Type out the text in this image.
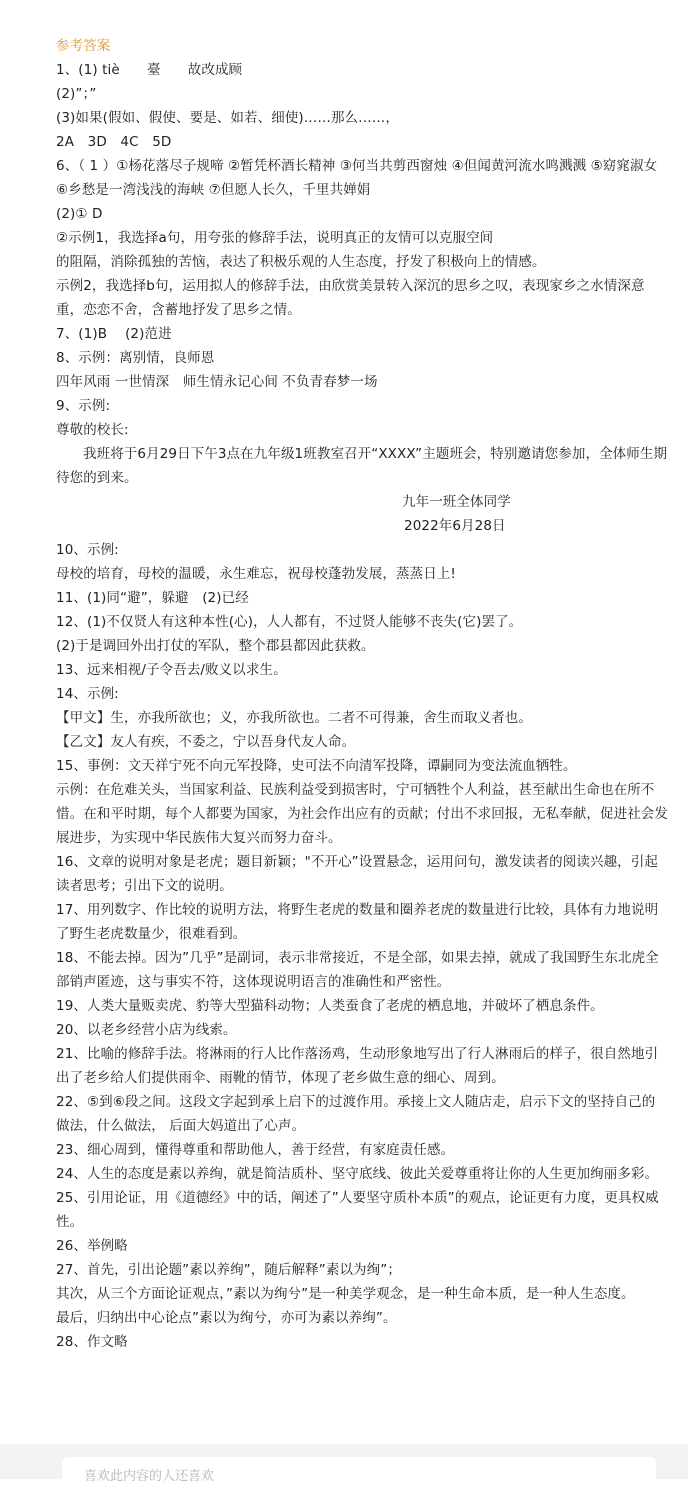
参考答案
1、(1) tiè　　臺　　故改成顾
(2)”；”
(3)如果(假如、假使、要是、如若、细使)……那么……，
2A　3D　4C　5D
6、（ 1 ）①杨花落尽子规啼 ②暂凭杯酒长精神 ③何当共剪西窗烛 ④但闻黄河流水鸣溅溅 ⑤窈窕淑女 ⑥乡愁是一湾浅浅的海峡 ⑦但愿人长久，千里共婵娟
(2)① D
②示例1，我选择a句，用夸张的修辞手法，说明真正的友情可以克服空间
的阻隔，消除孤独的苦恼，表达了积极乐观的人生态度，抒发了积极向上的情感。
示例2，我选择b句，运用拟人的修辞手法，由欣赏美景转入深沉的思乡之叹，表现家乡之水情深意重，恋恋不舍，含蓄地抒发了思乡之情。
7、(1)B　 (2)范进
8、示例：离别情，良师恩
四年风雨 一世情深　师生情永记心间 不负青春梦一场
9、示例:
尊敬的校长:
我班将于6月29日下午3点在九年级1班教室召开“XXXX”主题班会，特别邀请您参加，全体师生期待您的到来。
九年一班全体同学
2022年6月28日
10、示例:
母校的培育，母校的温暖，永生难忘，祝母校蓬勃发展，蒸蒸日上!
11、(1)同“避”，躲避　(2)已经
12、(1)不仅贤人有这种本性(心)，人人都有，不过贤人能够不丧失(它)罢了。
(2)于是调回外出打仗的军队，整个郡县都因此获救。
13、远来相视/子令吾去/败义以求生。
14、示例:
【甲文】生，亦我所欲也；义，亦我所欲也。二者不可得兼，舍生而取义者也。
【乙文】友人有疾，不委之，宁以吾身代友人命。
15、事例：文天祥宁死不向元军投降，史可法不向清军投降，谭嗣同为变法流血牺牲。
示例：在危难关头，当国家利益、民族利益受到损害时，宁可牺牲个人利益，甚至献出生命也在所不惜。在和平时期，每个人都要为国家，为社会作出应有的贡献；付出不求回报，无私奉献，促进社会发展进步，为实现中华民族伟大复兴而努力奋斗。
16、文章的说明对象是老虎；题目新颖；"不开心”设置悬念，运用问句，激发读者的阅读兴趣，引起读者思考；引出下文的说明。
17、用列数字、作比较的说明方法，将野生老虎的数量和圈养老虎的数量进行比较，具体有力地说明了野生老虎数量少，很难看到。
18、不能去掉。因为”几乎”是副词，表示非常接近，不是全部，如果去掉，就成了我国野生东北虎全部销声匿迹，这与事实不符，这体现说明语言的准确性和严密性。
19、人类大量贩卖虎、豹等大型猫科动物；人类蚕食了老虎的栖息地，并破坏了栖息条件。
20、以老乡经营小店为线索。
21、比喻的修辞手法。将淋雨的行人比作落汤鸡，生动形象地写出了行人淋雨后的样子，很自然地引出了老乡给人们提供雨伞、雨靴的情节，体现了老乡做生意的细心、周到。
22、⑤到⑥段之间。这段文字起到承上启下的过渡作用。承接上文人随店走，启示下文的坚持自己的做法，什么做法， 后面大妈道出了心声。
23、细心周到，懂得尊重和帮助他人，善于经营，有家庭责任感。
24、人生的态度是素以养绚，就是简洁质朴、坚守底线、彼此关爱尊重将让你的人生更加绚丽多彩。
25、引用论证，用《道德经》中的话，阐述了”人要坚守质朴本质”的观点，论证更有力度，更具权威性。
26、举例略
27、首先，引出论题”素以养绚”，随后解释”素以为绚”；
其次，从三个方面论证观点，”素以为绚兮”是一种美学观念，是一种生命本质，是一种人生态度。
最后，归纳出中心论点”素以为绚兮，亦可为素以养绚”。
28、作文略
喜欢此内容的人还喜欢
